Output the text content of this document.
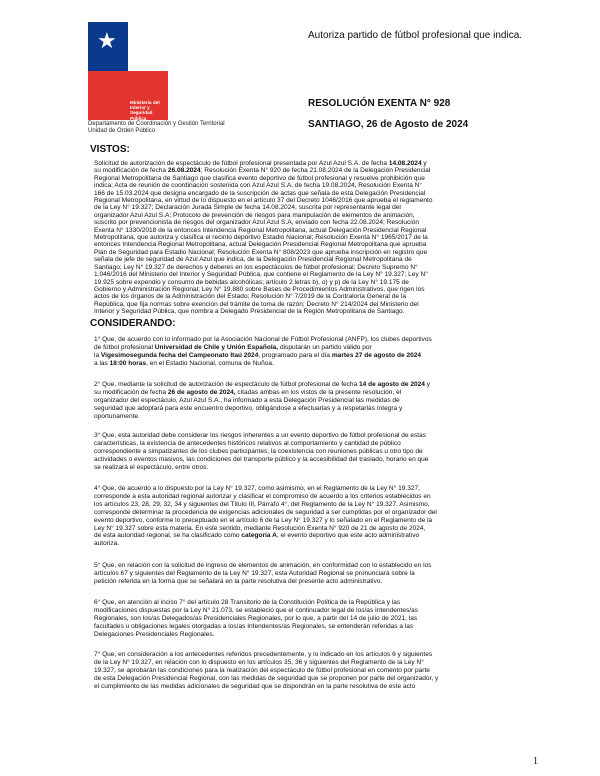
★
Delegación
Presidencial
Regional
Metropolitana de
Santiago
Ministerio del
Interior y Seguridad
Pública
Departamento de Coordinación y Gestión Territorial
Unidad de Orden Público
Autoriza partido de fútbol profesional que indica.
RESOLUCIÓN EXENTA N° 928
SANTIAGO, 26 de Agosto de 2024
VISTOS:
Solicitud de autorización de espectáculo de fútbol profesional presentada por Azul Azul S.A. de fecha 14.08.2024 y
su modificación de fecha 26.08.2024; Resolución Exenta N° 920 de fecha 21.08.2024 de la Delegación Presidencial
Regional Metropolitana de Santiago que clasifica evento deportivo de fútbol profesional y resuelve prohibición que
indica; Acta de reunión de coordinación sostenida con Azul Azul S.A. de fecha 19.08.2024, Resolución Exenta N°
166 de 15.03.2024 que designa encargado de la suscripción de actas que señala de esta Delegación Presidencial
Regional Metropolitana, en virtud de lo dispuesto en el artículo 37 del Decreto 1046/2016 que aprueba el reglamento
de la Ley N° 19.327; Declaración Jurada Simple de fecha 14.08.2024, suscrita por representante legal del
organizador Azul Azul S.A; Protocolo de prevención de riesgos para manipulación de elementos de animación,
suscrito por prevencionista de riesgos del organizador Azul Azul S.A, enviado con fecha 22.08.2024; Resolución
Exenta N° 1330/2018 de la entonces Intendencia Regional Metropolitana, actual Delegación Presidencial Regional
Metropolitana, que autoriza y clasifica el recinto deportivo Estadio Nacional; Resolución Exenta N° 1965/2017 de la
entonces Intendencia Regional Metropolitana, actual Delegación Presidencial Regional Metropolitana que aprueba
Plan de Seguridad para Estadio Nacional; Resolución Exenta N° 808/2023 que aprueba inscripción en registro que
señala de jefe de seguridad de Azul Azul que indica, de la Delegación Presidencial Regional Metropolitana de
Santiago; Ley N° 19.327 de derechos y deberes en los espectáculos de fútbol profesional; Decreto Supremo N°
1.046/2016 del Ministerio del Interior y Seguridad Pública, que contiene el Reglamento de la Ley N° 19.327; Ley N°
19.925 sobre expendio y consumo de bebidas alcohólicas; artículo 2 letras b), o) y p) de la Ley N° 19.175 de
Gobierno y Administración Regional; Ley N° 19.880 sobre Bases de Procedimientos Administrativos, que rigen los
actos de los órganos de la Administración del Estado; Resolución N° 7/2019 de la Contraloría General de la
República, que fija normas sobre exención del trámite de toma de razón; Decreto N° 214/2024 del Ministerio del
Interior y Seguridad Pública, que nombra a Delegado Presidencial de la Región Metropolitana de Santiago.
CONSIDERANDO:
1° Que, de acuerdo con lo informado por la Asociación Nacional de Fútbol Profesional (ANFP), los clubes deportivos
de fútbol profesional Universidad de Chile y Unión Española, disputarán un partido válido por
la Vigesimosegunda fecha del Campeonato Itaú 2024, programado para el día martes 27 de agosto de 2024
a las 18:00 horas, en el Estadio Nacional, comuna de Ñuñoa.
2° Que, mediante la solicitud de autorización de espectáculo de fútbol profesional de fecha 14 de agosto de 2024 y
su modificación de fecha 26 de agosto de 2024, citadas ambas en los vistos de la presente resolución, el
organizador del espectáculo, Azul Azul S.A., ha informado a esta Delegación Presidencial las medidas de
seguridad que adoptará para este encuentro deportivo, obligándose a efectuarlas y a respetarlas íntegra y
oportunamente.
3° Que, esta autoridad debe considerar los riesgos inherentes a un evento deportivo de fútbol profesional de estas
características, la existencia de antecedentes históricos relativos al comportamiento y cantidad de público
correspondiente a simpatizantes de los clubes participantes, la coexistencia con reuniones públicas u otro tipo de
actividades o eventos masivos, las condiciones del transporte público y la accesibilidad del traslado, horario en que
se realizará el espectáculo, entre otros.
4° Que, de acuerdo a lo dispuesto por la Ley N° 19.327, como asimismo, en el Reglamento de la Ley N° 19.327,
corresponde a esta autoridad regional autorizar y clasificar el compromiso de acuerdo a los criterios establecidos en
los artículos 23, 28, 29, 32, 34 y siguientes del Título III, Párrafo 4°, del Reglamento de la Ley N° 19.327. Asimismo,
corresponde determinar la procedencia de exigencias adicionales de seguridad a ser cumplidas por el organizador del
evento deportivo, conforme lo preceptuado en el artículo 6 de la Ley N° 19.327 y lo señalado en el Reglamento de la
Ley N° 19.327 sobre esta materia. En este sentido, mediante Resolución Exenta N° 920 de 21 de agosto de 2024,
de esta autoridad regional, se ha clasificado como categoría A, el evento deportivo que este acto administrativo
autoriza.
5° Que, en relación con la solicitud de ingreso de elementos de animación, en conformidad con lo establecido en los
artículos 67 y siguientes del Reglamento de la Ley N° 19.327, esta Autoridad Regional se pronunciará sobre la
petición referida en la forma que se señalará en la parte resolutiva del presente acto administrativo.
6° Que, en atención al inciso 7° del artículo 28 Transitorio de la Constitución Política de la República y las
modificaciones dispuestas por la Ley N° 21.073, se estableció que el continuador legal de los/as Intendentes/as
Regionales, son los/as Delegados/as Presidenciales Regionales, por lo que, a partir del 14 de julio de 2021, las
facultades u obligaciones legales otorgadas a los/as Intendentes/as Regionales, se entenderán referidas a las
Delegaciones Presidenciales Regionales.
7° Que, en consideración a los antecedentes referidos precedentemente, y lo indicado en los artículos 6 y siguientes
de la Ley N° 19.327, en relación con lo dispuesto en los artículos 35, 36 y siguientes del Reglamento de la Ley N°
19.327, se aprobarán las condiciones para la realización del espectáculo de fútbol profesional en comento por parte
de esta Delegación Presidencial Regional, con las medidas de seguridad que se proponen por parte del organizador, y
el cumplimiento de las medidas adicionales de seguridad que se dispondrán en la parte resolutiva de este acto
1
